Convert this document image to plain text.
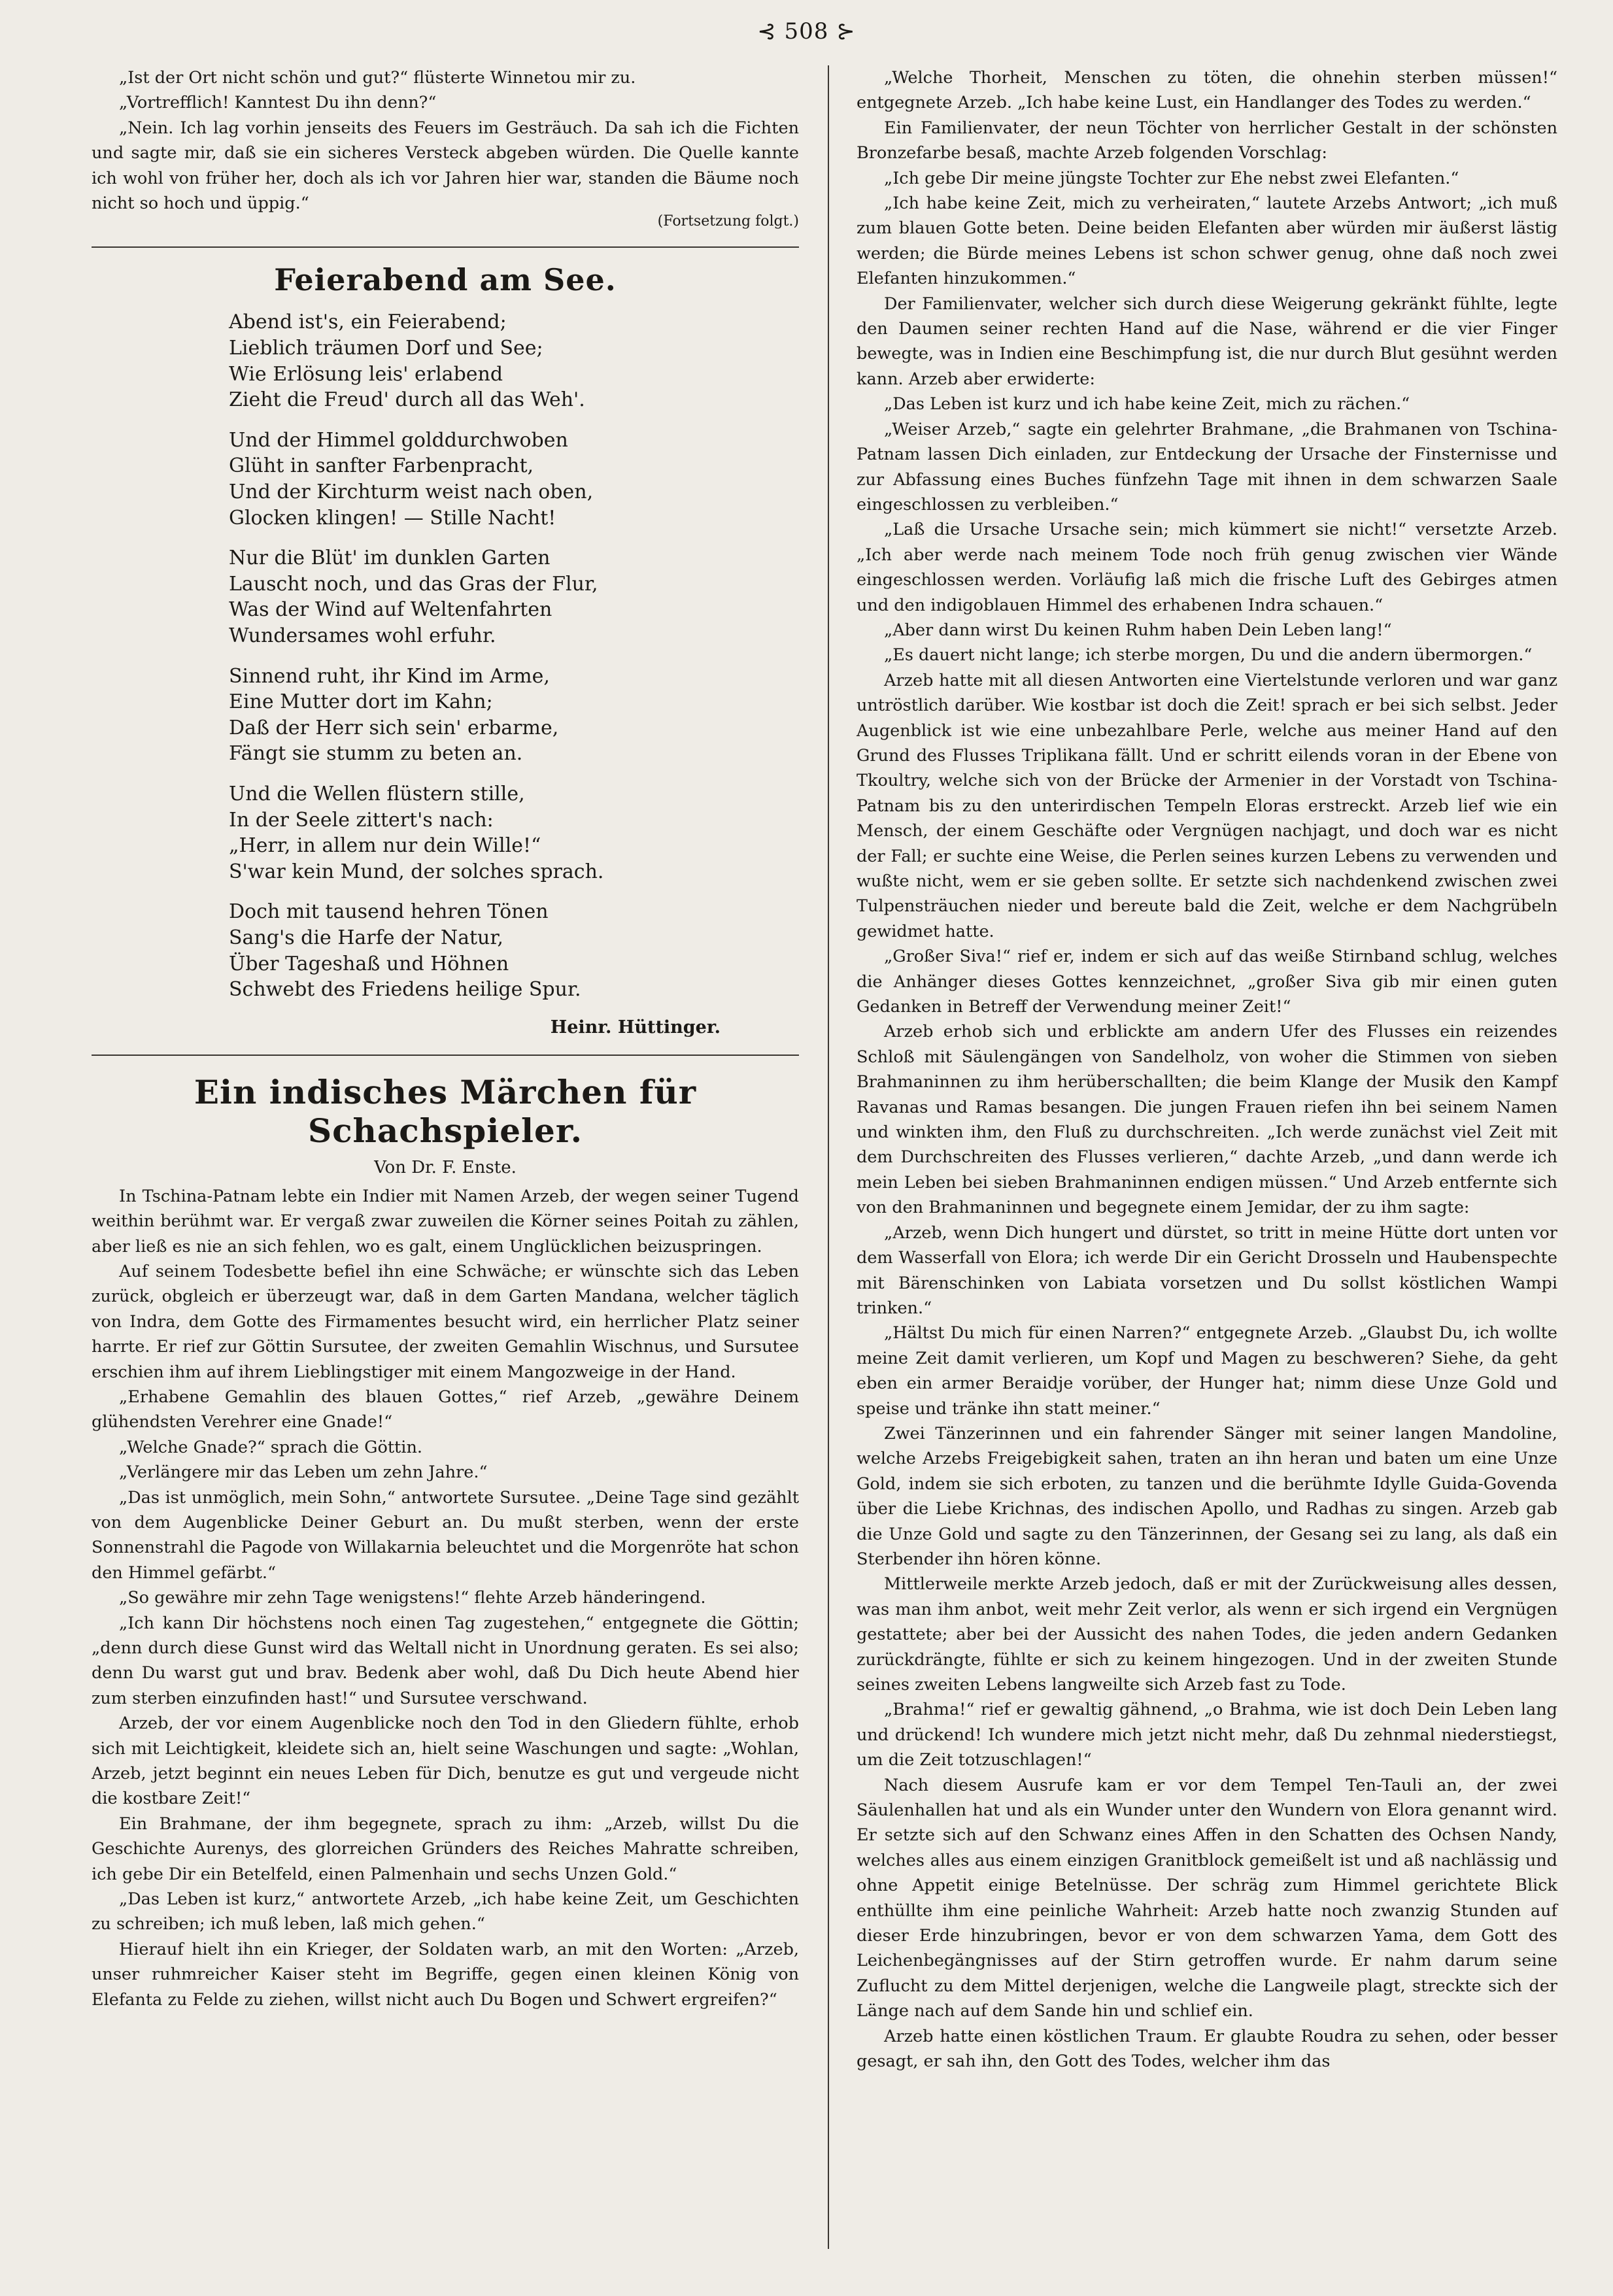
⊰ 508 ⊱

„Ist der Ort nicht schön und gut?“ flüsterte Winnetou mir zu.

„Vortrefflich! Kanntest Du ihn denn?“

„Nein. Ich lag vorhin jenseits des Feuers im Gesträuch. Da sah ich die Fichten und sagte mir, daß sie ein sicheres Versteck abgeben würden. Die Quelle kannte ich wohl von früher her, doch als ich vor Jahren hier war, standen die Bäume noch nicht so hoch und üppig.“

(Fortsetzung folgt.)
Feierabend am See.
Abend ist's, ein Feierabend;
Lieblich träumen Dorf und See;
Wie Erlösung leis' erlabend
Zieht die Freud' durch all das Weh'.
Und der Himmel golddurchwoben
Glüht in sanfter Farbenpracht,
Und der Kirchturm weist nach oben,
Glocken klingen! — Stille Nacht!
Nur die Blüt' im dunklen Garten
Lauscht noch, und das Gras der Flur,
Was der Wind auf Weltenfahrten
Wundersames wohl erfuhr.
Sinnend ruht, ihr Kind im Arme,
Eine Mutter dort im Kahn;
Daß der Herr sich sein' erbarme,
Fängt sie stumm zu beten an.
Und die Wellen flüstern stille,
In der Seele zittert's nach:
„Herr, in allem nur dein Wille!“
S'war kein Mund, der solches sprach.
Doch mit tausend hehren Tönen
Sang's die Harfe der Natur,
Über Tageshaß und Höhnen
Schwebt des Friedens heilige Spur.
Heinr. Hüttinger.
Ein indisches Märchen für Schachspieler.
Von Dr. F. Enste.

In Tschina-Patnam lebte ein Indier mit Namen Arzeb, der wegen seiner Tugend weithin berühmt war. Er vergaß zwar zuweilen die Körner seines Poitah zu zählen, aber ließ es nie an sich fehlen, wo es galt, einem Unglücklichen beizuspringen.

Auf seinem Todesbette befiel ihn eine Schwäche; er wünschte sich das Leben zurück, obgleich er überzeugt war, daß in dem Garten Mandana, welcher täglich von Indra, dem Gotte des Firmamentes besucht wird, ein herrlicher Platz seiner harrte. Er rief zur Göttin Sursutee, der zweiten Gemahlin Wischnus, und Sursutee erschien ihm auf ihrem Lieblingstiger mit einem Mangozweige in der Hand.

„Erhabene Gemahlin des blauen Gottes,“ rief Arzeb, „gewähre Deinem glühendsten Verehrer eine Gnade!“

„Welche Gnade?“ sprach die Göttin.

„Verlängere mir das Leben um zehn Jahre.“

„Das ist unmöglich, mein Sohn,“ antwortete Sursutee. „Deine Tage sind gezählt von dem Augenblicke Deiner Geburt an. Du mußt sterben, wenn der erste Sonnenstrahl die Pagode von Willakarnia beleuchtet und die Morgenröte hat schon den Himmel gefärbt.“

„So gewähre mir zehn Tage wenigstens!“ flehte Arzeb händeringend.

„Ich kann Dir höchstens noch einen Tag zugestehen,“ entgegnete die Göttin; „denn durch diese Gunst wird das Weltall nicht in Unordnung geraten. Es sei also; denn Du warst gut und brav. Bedenk aber wohl, daß Du Dich heute Abend hier zum sterben einzufinden hast!“ und Sursutee verschwand.

Arzeb, der vor einem Augenblicke noch den Tod in den Gliedern fühlte, erhob sich mit Leichtigkeit, kleidete sich an, hielt seine Waschungen und sagte: „Wohlan, Arzeb, jetzt beginnt ein neues Leben für Dich, benutze es gut und vergeude nicht die kostbare Zeit!“

Ein Brahmane, der ihm begegnete, sprach zu ihm: „Arzeb, willst Du die Geschichte Aurenys, des glorreichen Gründers des Reiches Mahratte schreiben, ich gebe Dir ein Betelfeld, einen Palmenhain und sechs Unzen Gold.“

„Das Leben ist kurz,“ antwortete Arzeb, „ich habe keine Zeit, um Geschichten zu schreiben; ich muß leben, laß mich gehen.“

Hierauf hielt ihn ein Krieger, der Soldaten warb, an mit den Worten: „Arzeb, unser ruhmreicher Kaiser steht im Begriffe, gegen einen kleinen König von Elefanta zu Felde zu ziehen, willst nicht auch Du Bogen und Schwert ergreifen?“

„Welche Thorheit, Menschen zu töten, die ohnehin sterben müssen!“ entgegnete Arzeb. „Ich habe keine Lust, ein Handlanger des Todes zu werden.“

Ein Familienvater, der neun Töchter von herrlicher Gestalt in der schönsten Bronzefarbe besaß, machte Arzeb folgenden Vorschlag:

„Ich gebe Dir meine jüngste Tochter zur Ehe nebst zwei Elefanten.“

„Ich habe keine Zeit, mich zu verheiraten,“ lautete Arzebs Antwort; „ich muß zum blauen Gotte beten. Deine beiden Elefanten aber würden mir äußerst lästig werden; die Bürde meines Lebens ist schon schwer genug, ohne daß noch zwei Elefanten hinzukommen.“

Der Familienvater, welcher sich durch diese Weigerung gekränkt fühlte, legte den Daumen seiner rechten Hand auf die Nase, während er die vier Finger bewegte, was in Indien eine Beschimpfung ist, die nur durch Blut gesühnt werden kann. Arzeb aber erwiderte:

„Das Leben ist kurz und ich habe keine Zeit, mich zu rächen.“

„Weiser Arzeb,“ sagte ein gelehrter Brahmane, „die Brahmanen von Tschina-Patnam lassen Dich einladen, zur Entdeckung der Ursache der Finsternisse und zur Abfassung eines Buches fünfzehn Tage mit ihnen in dem schwarzen Saale eingeschlossen zu verbleiben.“

„Laß die Ursache Ursache sein; mich kümmert sie nicht!“ versetzte Arzeb. „Ich aber werde nach meinem Tode noch früh genug zwischen vier Wände eingeschlossen werden. Vorläufig laß mich die frische Luft des Gebirges atmen und den indigoblauen Himmel des erhabenen Indra schauen.“

„Aber dann wirst Du keinen Ruhm haben Dein Leben lang!“

„Es dauert nicht lange; ich sterbe morgen, Du und die andern übermorgen.“

Arzeb hatte mit all diesen Antworten eine Viertelstunde verloren und war ganz untröstlich darüber. Wie kostbar ist doch die Zeit! sprach er bei sich selbst. Jeder Augenblick ist wie eine unbezahlbare Perle, welche aus meiner Hand auf den Grund des Flusses Triplikana fällt. Und er schritt eilends voran in der Ebene von Tkoultry, welche sich von der Brücke der Armenier in der Vorstadt von Tschina-Patnam bis zu den unterirdischen Tempeln Eloras erstreckt. Arzeb lief wie ein Mensch, der einem Geschäfte oder Vergnügen nachjagt, und doch war es nicht der Fall; er suchte eine Weise, die Perlen seines kurzen Lebens zu verwenden und wußte nicht, wem er sie geben sollte. Er setzte sich nachdenkend zwischen zwei Tulpensträuchen nieder und bereute bald die Zeit, welche er dem Nachgrübeln gewidmet hatte.

„Großer Siva!“ rief er, indem er sich auf das weiße Stirnband schlug, welches die Anhänger dieses Gottes kennzeichnet, „großer Siva gib mir einen guten Gedanken in Betreff der Verwendung meiner Zeit!“

Arzeb erhob sich und erblickte am andern Ufer des Flusses ein reizendes Schloß mit Säulengängen von Sandelholz, von woher die Stimmen von sieben Brahmaninnen zu ihm herüberschallten; die beim Klange der Musik den Kampf Ravanas und Ramas besangen. Die jungen Frauen riefen ihn bei seinem Namen und winkten ihm, den Fluß zu durchschreiten. „Ich werde zunächst viel Zeit mit dem Durchschreiten des Flusses verlieren,“ dachte Arzeb, „und dann werde ich mein Leben bei sieben Brahmaninnen endigen müssen.“ Und Arzeb entfernte sich von den Brahmaninnen und begegnete einem Jemidar, der zu ihm sagte:

„Arzeb, wenn Dich hungert und dürstet, so tritt in meine Hütte dort unten vor dem Wasserfall von Elora; ich werde Dir ein Gericht Drosseln und Haubenspechte mit Bärenschinken von Labiata vorsetzen und Du sollst köstlichen Wampi trinken.“

„Hältst Du mich für einen Narren?“ entgegnete Arzeb. „Glaubst Du, ich wollte meine Zeit damit verlieren, um Kopf und Magen zu beschweren? Siehe, da geht eben ein armer Beraidje vorüber, der Hunger hat; nimm diese Unze Gold und speise und tränke ihn statt meiner.“

Zwei Tänzerinnen und ein fahrender Sänger mit seiner langen Mandoline, welche Arzebs Freigebigkeit sahen, traten an ihn heran und baten um eine Unze Gold, indem sie sich erboten, zu tanzen und die berühmte Idylle Guida-Govenda über die Liebe Krichnas, des indischen Apollo, und Radhas zu singen. Arzeb gab die Unze Gold und sagte zu den Tänzerinnen, der Gesang sei zu lang, als daß ein Sterbender ihn hören könne.

Mittlerweile merkte Arzeb jedoch, daß er mit der Zurückweisung alles dessen, was man ihm anbot, weit mehr Zeit verlor, als wenn er sich irgend ein Vergnügen gestattete; aber bei der Aussicht des nahen Todes, die jeden andern Gedanken zurückdrängte, fühlte er sich zu keinem hingezogen. Und in der zweiten Stunde seines zweiten Lebens langweilte sich Arzeb fast zu Tode.

„Brahma!“ rief er gewaltig gähnend, „o Brahma, wie ist doch Dein Leben lang und drückend! Ich wundere mich jetzt nicht mehr, daß Du zehnmal niederstiegst, um die Zeit totzuschlagen!“

Nach diesem Ausrufe kam er vor dem Tempel Ten-Tauli an, der zwei Säulenhallen hat und als ein Wunder unter den Wundern von Elora genannt wird. Er setzte sich auf den Schwanz eines Affen in den Schatten des Ochsen Nandy, welches alles aus einem einzigen Granitblock gemeißelt ist und aß nachlässig und ohne Appetit einige Betelnüsse. Der schräg zum Himmel gerichtete Blick enthüllte ihm eine peinliche Wahrheit: Arzeb hatte noch zwanzig Stunden auf dieser Erde hinzubringen, bevor er von dem schwarzen Yama, dem Gott des Leichenbegängnisses auf der Stirn getroffen wurde. Er nahm darum seine Zuflucht zu dem Mittel derjenigen, welche die Langweile plagt, streckte sich der Länge nach auf dem Sande hin und schlief ein.

Arzeb hatte einen köstlichen Traum. Er glaubte Roudra zu sehen, oder besser gesagt, er sah ihn, den Gott des Todes, welcher ihm das
